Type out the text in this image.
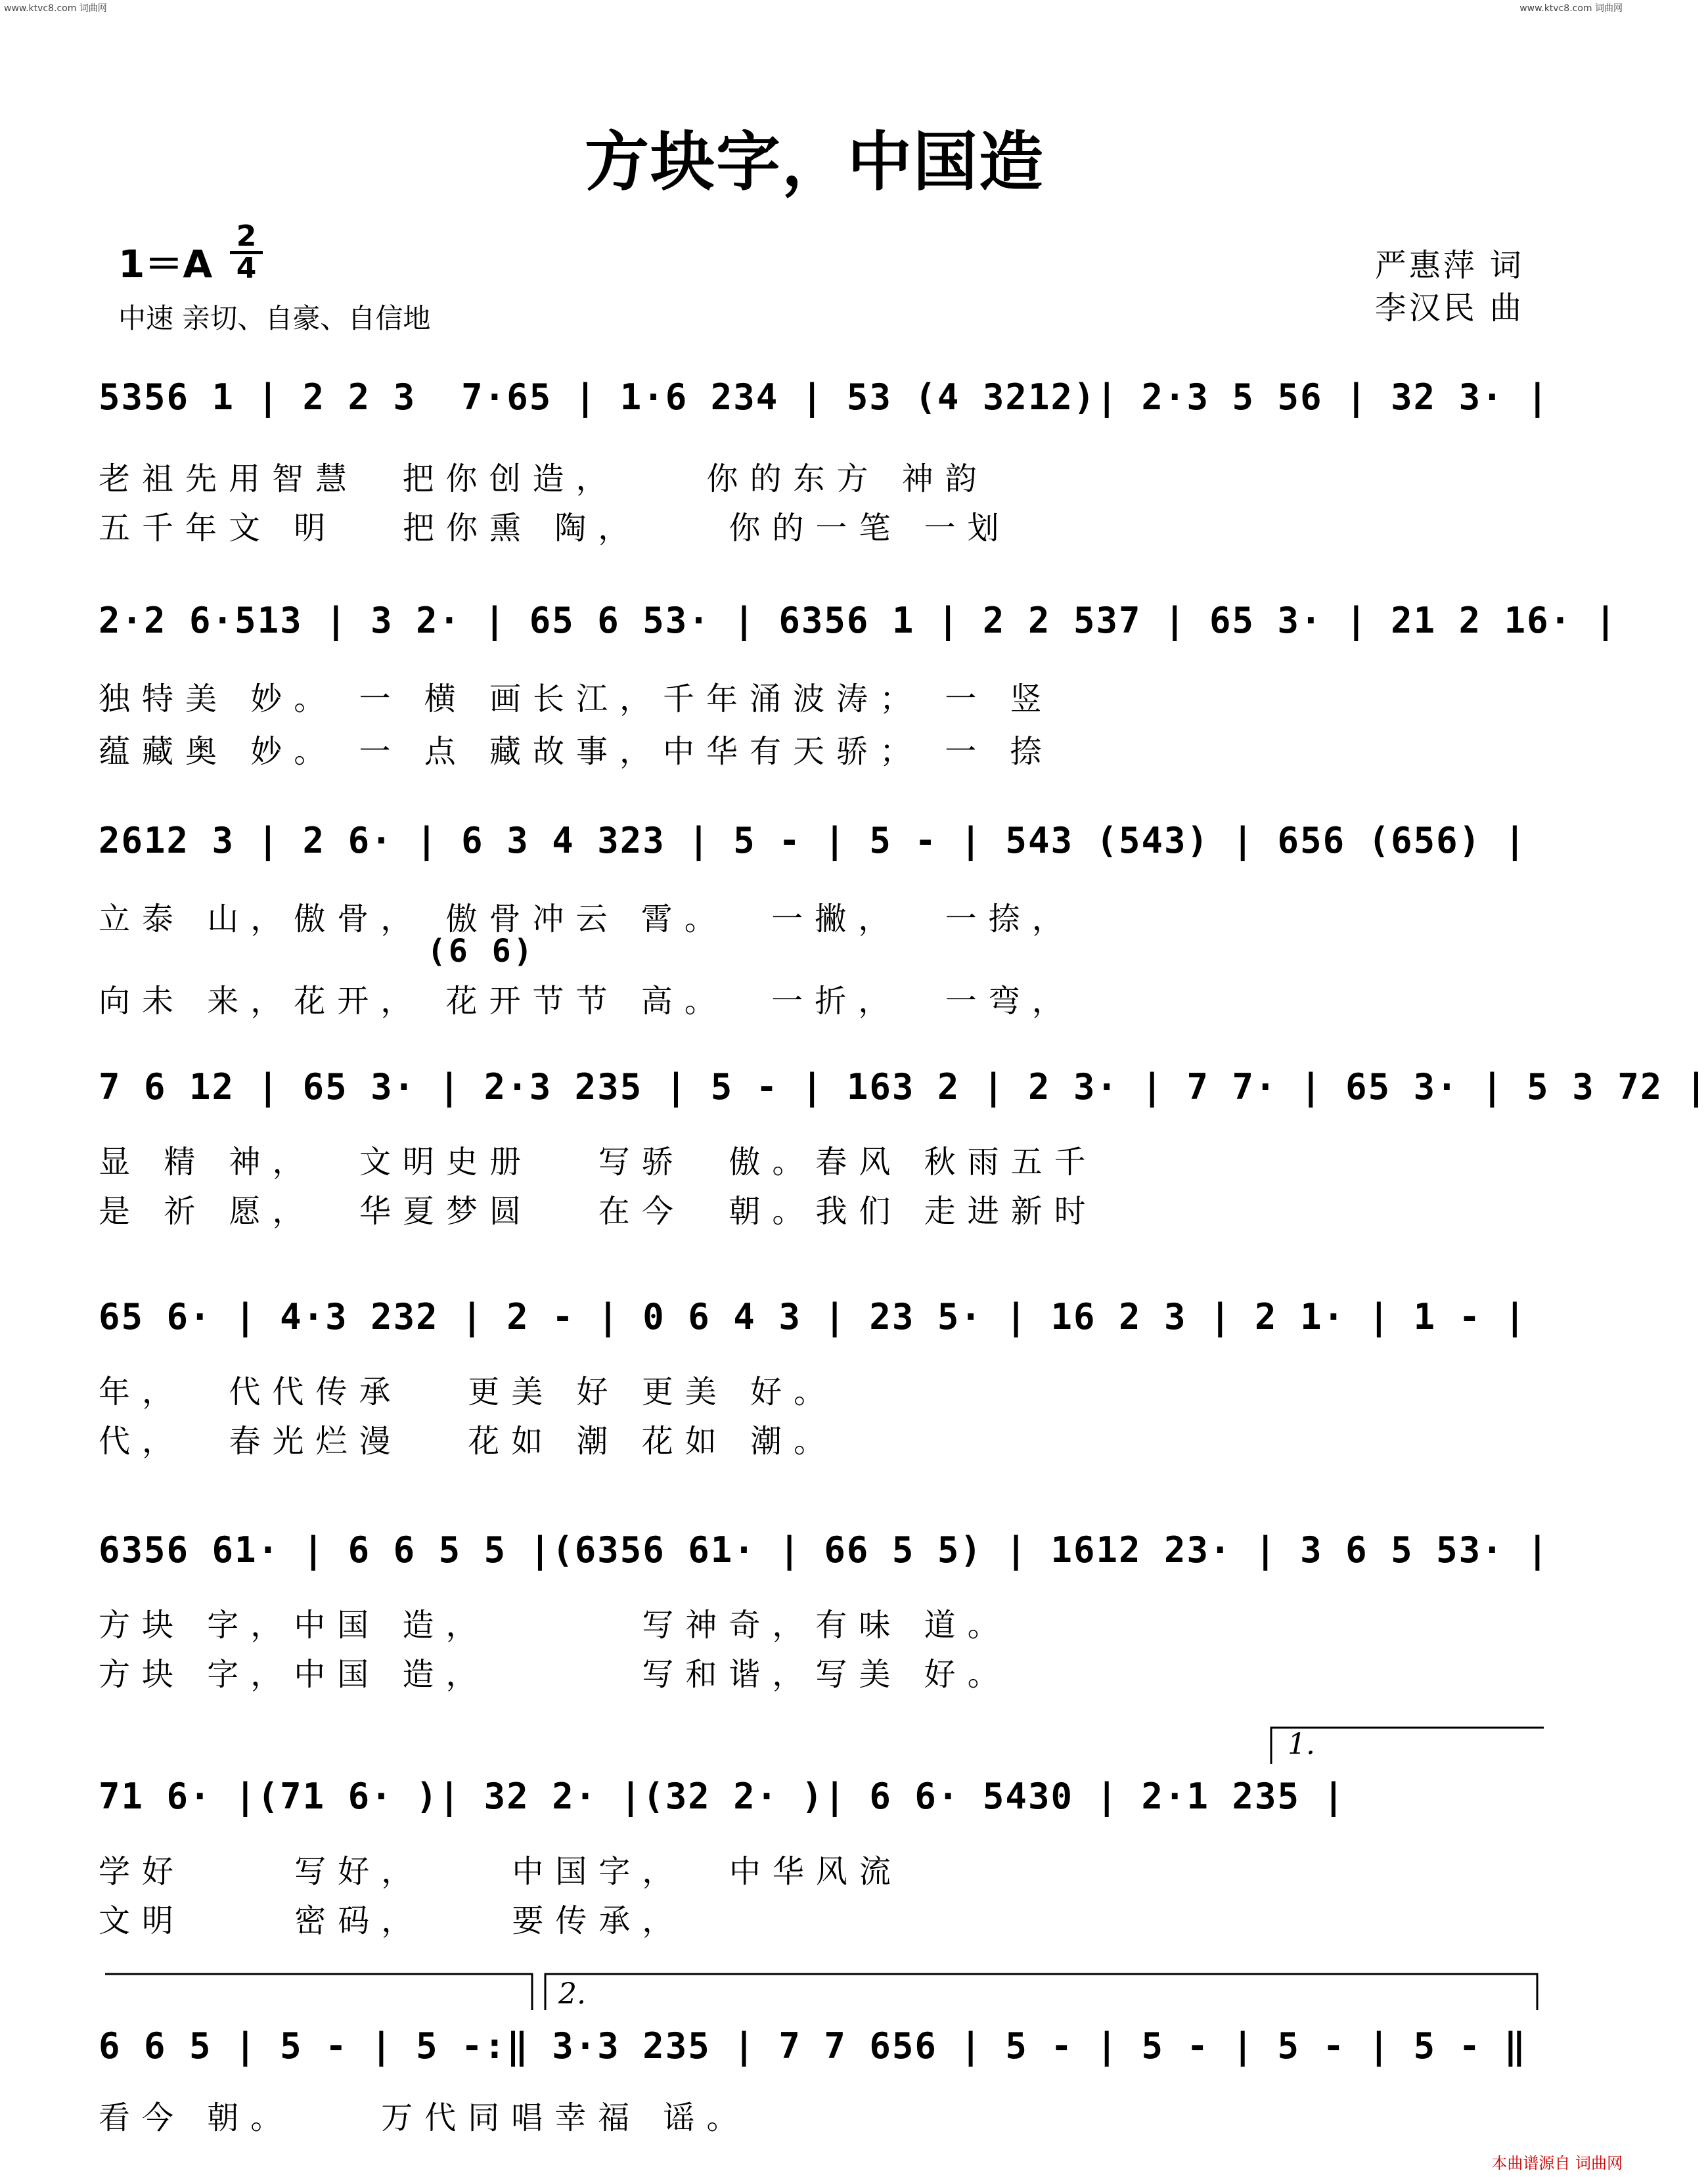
www.ktvc8.com 词曲网	www.ktvc8.com 词曲网
方块字，中国造
1＝A
2
4
中速 亲切、自豪、自信地
严惠萍 词
李汉民 曲
5356 1 | 2 2 3  7·65 | 1·6 234 | 53 (4 3212)| 2·3 5 56 | 32 3· |
老祖先用智慧  把你创造，    你的东方 神韵
五千年文 明   把你熏 陶，    你的一笔 一划
2·2 6·513 | 3 2· | 65 6 53· | 6356 1 | 2 2 537 | 65 3· | 21 2 16· |
独特美 妙。 一 横 画长江，千年涌波涛； 一 竖
蕴藏奥 妙。 一 点 藏故事，中华有天骄； 一 捺
2612 3 | 2 6· | 6 3 4 323 | 5 - | 5 - | 543 (543) | 656 (656) |
立泰 山，傲骨， 傲骨冲云 霄。  一撇，  一捺，
(6 6)
向未 来，花开， 花开节节 高。  一折，  一弯，
7 6 12 | 65 3· | 2·3 235 | 5 - | 163 2 | 2 3· | 7 7· | 65 3· | 5 3 72 |
显 精 神，  文明史册   写骄  傲。春风 秋雨五千
是 祈 愿，  华夏梦圆   在今  朝。我们 走进新时
65 6· | 4·3 232 | 2 - | 0 6 4 3 | 23 5· | 16 2 3 | 2 1· | 1 - |
年，  代代传承   更美 好 更美 好。
代，  春光烂漫   花如 潮 花如 潮。
6356 61· | 6 6 5 5 |(6356 61· | 66 5 5) | 1612 23· | 3 6 5 53· |
方块 字，中国 造，       写神奇，有味 道。
方块 字，中国 造，       写和谐，写美 好。
1.
71 6· |(71 6· )| 32 2· |(32 2· )| 6 6· 5430 | 2·1 235 |
学好     写好，    中国字，  中华风流
文明     密码，    要传承，
2.
6 6 5 | 5 - | 5 -:‖ 3·3 235 | 7 7 656 | 5 - | 5 - | 5 - | 5 - ‖
看今 朝。    万代同唱幸福 谣。
本曲谱源自 词曲网
